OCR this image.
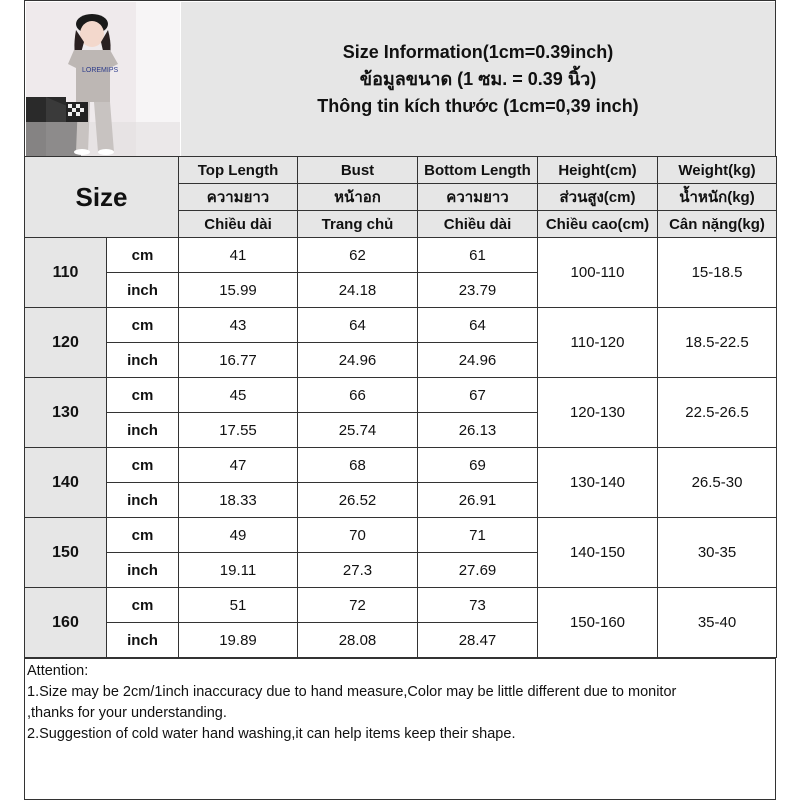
LOREMIPS
Size Information(1cm=0.39inch)
ข้อมูลขนาด (1 ซม. = 0.39 นิ้ว)
Thông tin kích thước (1cm=0,39 inch)
Size		Top Length	Bust	Bottom Length	Height(cm)	Weight(kg)
		ความยาว	หน้าอก	ความยาว	ส่วนสูง(cm)	น้ำหนัก(kg)
		Chiều dài	Trang chủ	Chiều dài	Chiều cao(cm)	Cân nặng(kg)
110	cm	41	62	61	100-110	15-18.5
	inch	15.99	24.18	23.79		
120	cm	43	64	64	110-120	18.5-22.5
	inch	16.77	24.96	24.96		
130	cm	45	66	67	120-130	22.5-26.5
	inch	17.55	25.74	26.13		
140	cm	47	68	69	130-140	26.5-30
	inch	18.33	26.52	26.91		
150	cm	49	70	71	140-150	30-35
	inch	19.11	27.3	27.69		
160	cm	51	72	73	150-160	35-40
	inch	19.89	28.08	28.47		
Attention:
1.Size may be 2cm/1inch inaccuracy due to hand measure,Color may be little different due to monitor
,thanks for your understanding.
2.Suggestion of cold water hand washing,it can help items keep their shape.
